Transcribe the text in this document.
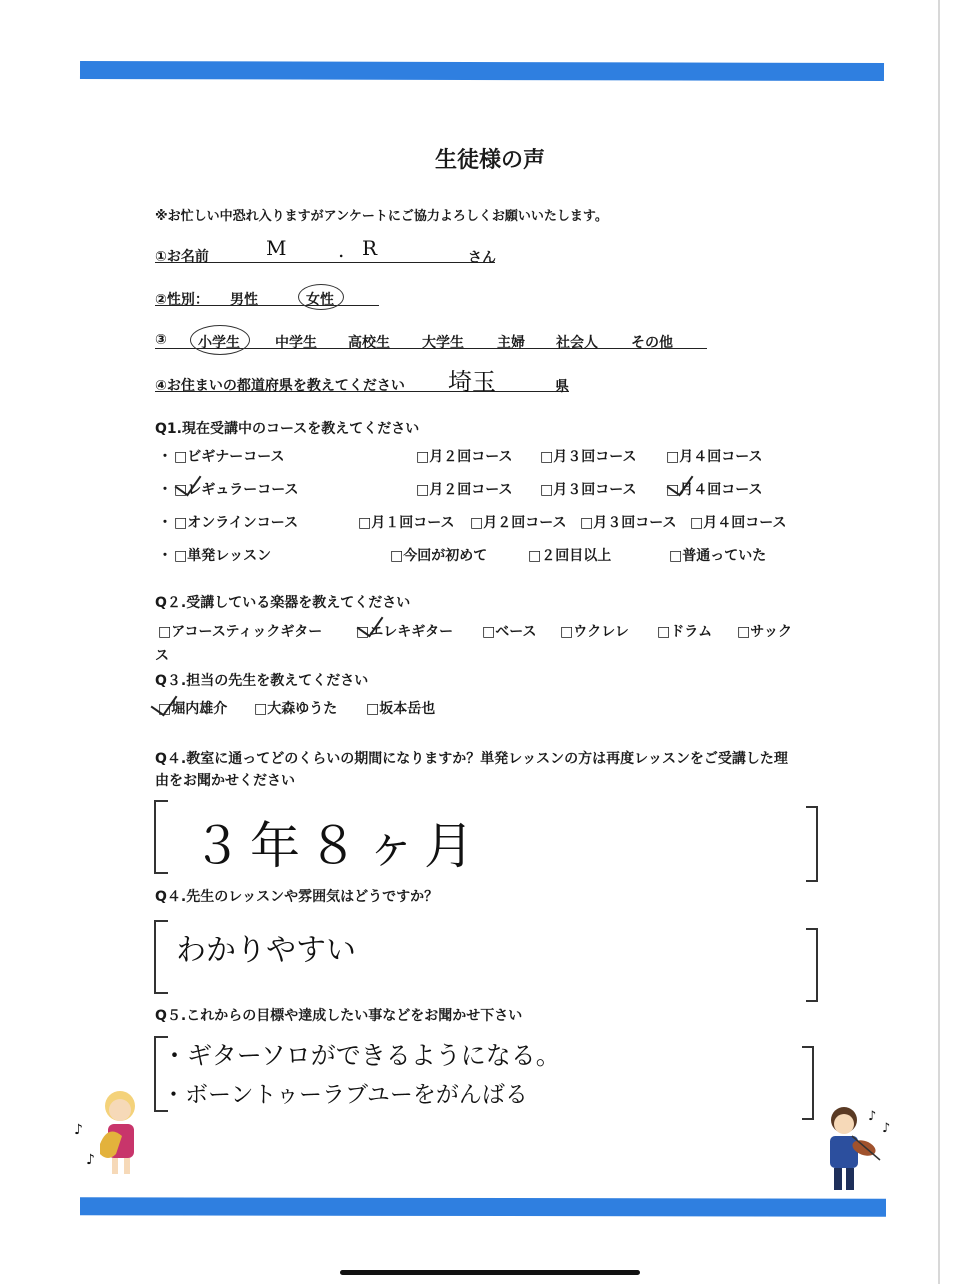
生徒様の声
※お忙しい中恐れ入りますがアンケートにご協力よろしくお願いいたします。
①お名前	M	. R	さん
②性別： 男性	女性
③ 小学生	中学生 高校生 大学生 主婦 社会人 その他
④お住まいの都道府県を教えてください 埼玉	県
Q1.現在受講中のコースを教えてください
・ □ビギナーコース	□月２回コース □月３回コース □月４回コース
・ □レギュラーコース	□月２回コース □月３回コース □月４回コース
・ □オンラインコース	□月１回コース □月２回コース □月３回コース □月４回コース
・ □単発レッスン	□今回が初めて	□２回目以上	□普通っていた
Q２.受講している楽器を教えてください
□アコースティックギター □エレキギター □ベース □ウクレレ □ドラム □サック
ス
Q３.担当の先生を教えてください
□堀内雄介 □大森ゆうた □坂本岳也
Q４.教室に通ってどのくらいの期間になりますか？単発レッスンの方は再度レッスンをご受講した理
由をお聞かせください
３年８ヶ月
Q４.先生のレッスンや雰囲気はどうですか？
わかりやすい
Q５.これからの目標や達成したい事などをお聞かせ下さい
・ギターソロができるようになる。
・ボーントゥーラブユーをがんばる
♪
♪
♪
♪
